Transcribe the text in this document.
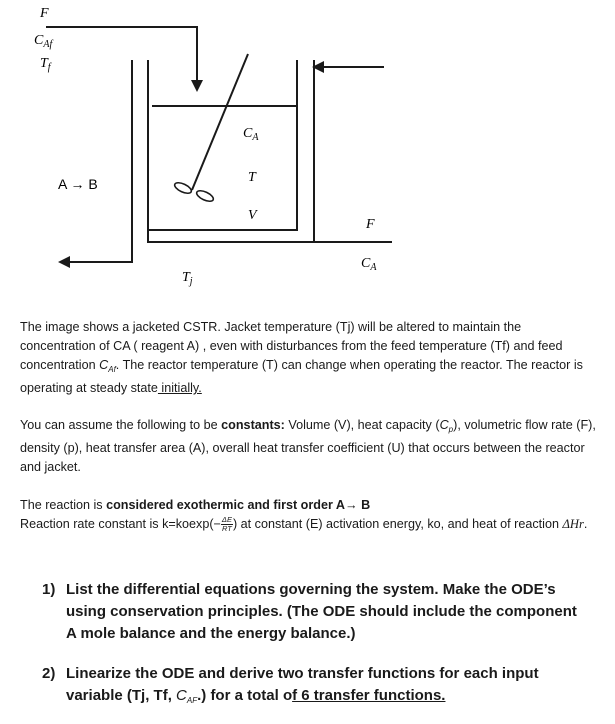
F
$C_{Af}$
$T_f$
A → B
$C_A$
T
V
F
$C_A$
$T_j$
The image shows a jacketed CSTR. Jacket temperature (Tj) will be altered to maintain the concentration of CA ( reagent A) , even with disturbances from the feed temperature (Tf) and feed concentration $C_{Af}$. The reactor temperature (T) can change when operating the reactor. The reactor is operating at steady state initially.
You can assume the following to be constants: Volume (V), heat capacity $(C_p)$, volumetric flow rate (F), density (p), heat transfer area (A), overall heat transfer coefficient (U) that occurs between the reactor and jacket.
The reaction is considered exothermic and first order A→ B
Reaction rate constant is $k=koexp(- \frac{\Delta E}{RT}$ ) at constant (E) activation energy, ko, and heat of reaction ΔHr.
1) List the differential equations governing the system. Make the ODE’s using conservation principles. (The ODE should include the component A mole balance and the energy balance.)
2) Linearize the ODE and derive two transfer functions for each input variable (Tj, Tf, $C_{AF}$.) for a total of 6 transfer functions.
